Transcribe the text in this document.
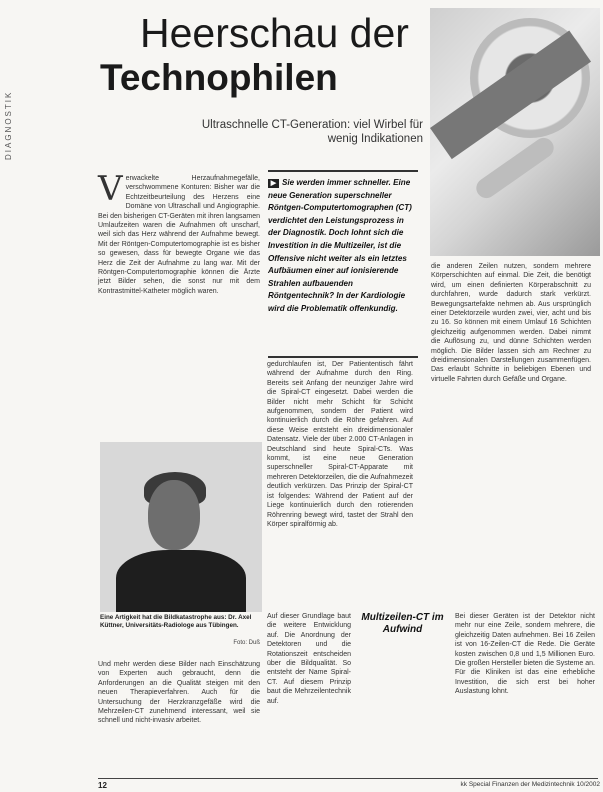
DIAGNOSTIK
Heerschau der
Technophilen
Ultraschnelle CT-Generation: viel Wirbel für wenig Indikationen
V erwackelte Herzaufnahmegefälle, verschwommene Konturen: Bisher war die Echtzeitbeurteilung des Herzens eine Domäne von Ultraschall und Angiographie. Bei den bisherigen CT-Geräten mit ihren langsamen Umlaufzeiten waren die Aufnahmen oft unscharf, weil sich das Herz während der Aufnahme bewegt. Mit der Röntgen-Computertomographie ist es bisher so gewesen, dass für bewegte Organe wie das Herz die Zeit der Aufnahme zu lang war. Mit der Röntgen-Computertomographie können die Ärzte jetzt Bilder sehen, die sonst nur mit dem Kontrastmittel-Katheter möglich waren.
▶ Sie werden immer schneller. Eine neue Generation superschneller Röntgen-Computertomographen (CT) verdichtet den Leistungsprozess in der Diagnostik. Doch lohnt sich die Investition in die Multizeiler, ist die Offensive nicht weiter als ein letztes Aufbäumen einer auf ionisierende Strahlen aufbauenden Röntgentechnik? In der Kardiologie wird die Problematik offenkundig.
gedurchlaufen ist, Der Patiententisch fährt während der Aufnahme durch den Ring. Bereits seit Anfang der neunziger Jahre wird die Spiral-CT eingesetzt. Dabei werden die Bilder nicht mehr Schicht für Schicht aufgenommen, sondern der Patient wird kontinuierlich durch die Röhre gefahren. Auf diese Weise entsteht ein dreidimensionaler Datensatz. Viele der über 2.000 CT-Anlagen in Deutschland sind heute Spiral-CTs. Was kommt, ist eine neue Generation superschneller Spiral-CT-Apparate mit mehreren Detektorzeilen, die die Aufnahmezeit deutlich verkürzen. Das Prinzip der Spiral-CT ist folgendes: Während der Patient auf der Liege kontinuierlich durch den rotierenden Röhrenring bewegt wird, tastet der Strahl den Körper spiralförmig ab.
die anderen Zeilen nutzen, sondern mehrere Körperschichten auf einmal. Die Zeit, die benötigt wird, um einen definierten Körperabschnitt zu durchfahren, wurde dadurch stark verkürzt. Bewegungsartefakte nehmen ab. Aus ursprünglich einer Detektorzeile wurden zwei, vier, acht und bis zu 16. So können mit einem Umlauf 16 Schichten gleichzeitig aufgenommen werden. Dabei nimmt die Auflösung zu, und dünne Schichten werden möglich. Die Bilder lassen sich am Rechner zu dreidimensionalen Darstellungen zusammenfügen. Das erlaubt Schnitte in beliebigen Ebenen und virtuelle Fahrten durch Gefäße und Organe.
Eine Artigkeit hat die Bildkatastrophe aus: Dr. Axel Küttner, Universitäts-Radiologe aus Tübingen.
Foto: Duß
Und mehr werden diese Bilder nach Einschätzung von Experten auch gebraucht, denn die Anforderungen an die Qualität steigen mit den neuen Therapieverfahren. Auch für die Untersuchung der Herzkranzgefäße wird die Mehrzeilen-CT zunehmend interessant, weil sie schnell und nicht-invasiv arbeitet.
Auf dieser Grundlage baut die weitere Entwicklung auf. Die Anordnung der Detektoren und die Rotationszeit entscheiden über die Bildqualität. So entsteht der Name Spiral-CT. Auf diesem Prinzip baut die Mehrzeilentechnik auf.
Multizeilen-CT im Aufwind
Bei dieser Geräten ist der Detektor nicht mehr nur eine Zeile, sondern mehrere, die gleichzeitig Daten aufnehmen. Bei 16 Zeilen ist von 16-Zeilen-CT die Rede. Die Geräte kosten zwischen 0,8 und 1,5 Millionen Euro. Die großen Hersteller bieten die Systeme an. Für die Kliniken ist das eine erhebliche Investition, die sich erst bei hoher Auslastung lohnt.
12	kk Special Finanzen der Medizintechnik 10/2002
